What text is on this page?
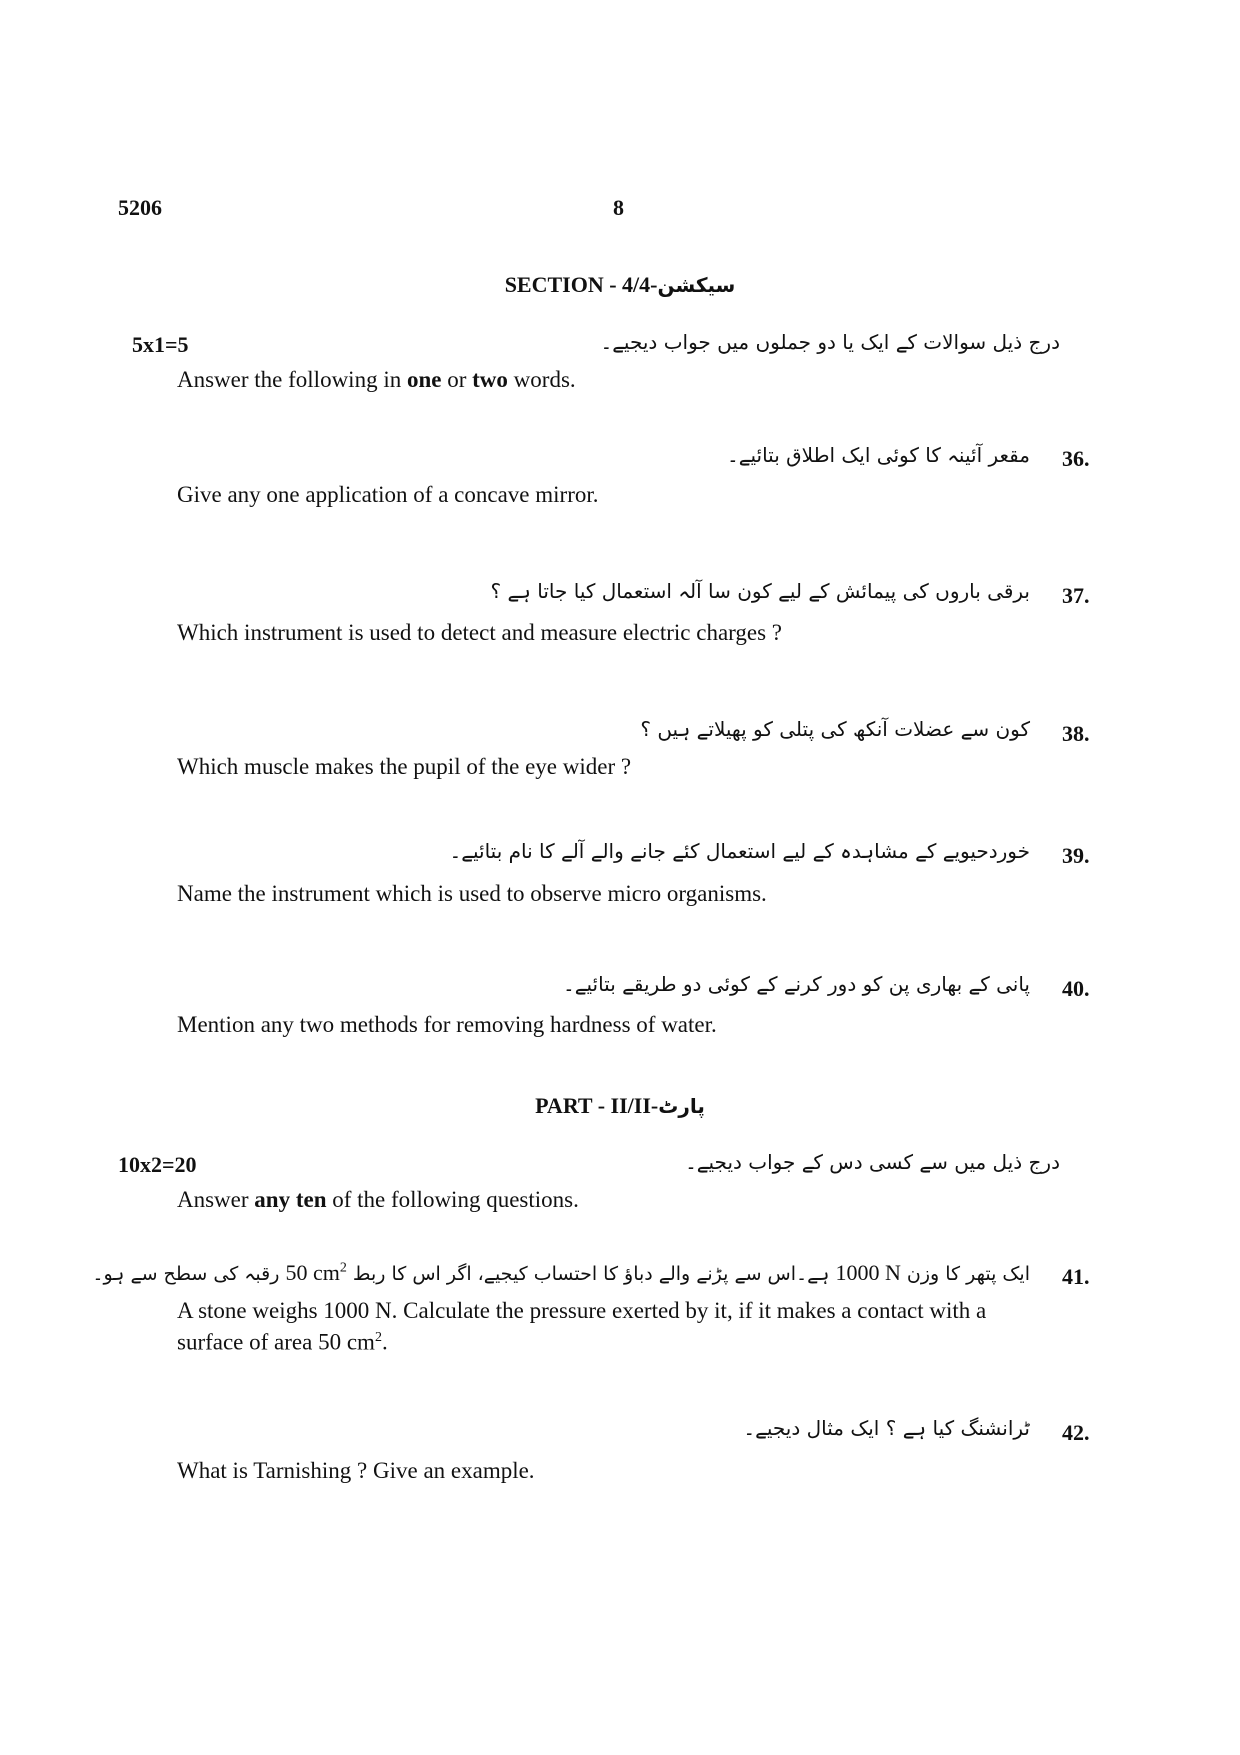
5206	8
SECTION - 4/4-سیکشن
5x1=5	درج ذیل سوالات کے ایک یا دو جملوں میں جواب دیجیے۔
Answer the following in one or two words.
36.
مقعر آئینہ کا کوئی ایک اطلاق بتائیے۔
Give any one application of a concave mirror.
37.
برقی باروں کی پیمائش کے لیے کون سا آلہ استعمال کیا جاتا ہے ؟
Which instrument is used to detect and measure electric charges ?
38.
کون سے عضلات آنکھ کی پتلی کو پھیلاتے ہیں ؟
Which muscle makes the pupil of the eye wider ?
39.
خوردحیویے کے مشاہدہ کے لیے استعمال کئے جانے والے آلے کا نام بتائیے۔
Name the instrument which is used to observe micro organisms.
40.
پانی کے بھاری پن کو دور کرنے کے کوئی دو طریقے بتائیے۔
Mention any two methods for removing hardness of water.
PART - II/II-پارٹ
10x2=20	درج ذیل میں سے کسی دس کے جواب دیجیے۔
Answer any ten of the following questions.
41.
ایک پتھر کا وزن 1000 N ہے۔اس سے پڑنے والے دباؤ کا احتساب کیجیے، اگر اس کا ربط 50 $cm^2$ رقبہ کی سطح سے ہو۔
A stone weighs 1000 N. Calculate the pressure exerted by it, if it makes a contact with a surface of area 50 $cm^2$.
42.
ٹرانشنگ کیا ہے ؟ ایک مثال دیجیے۔
What is Tarnishing ? Give an example.
